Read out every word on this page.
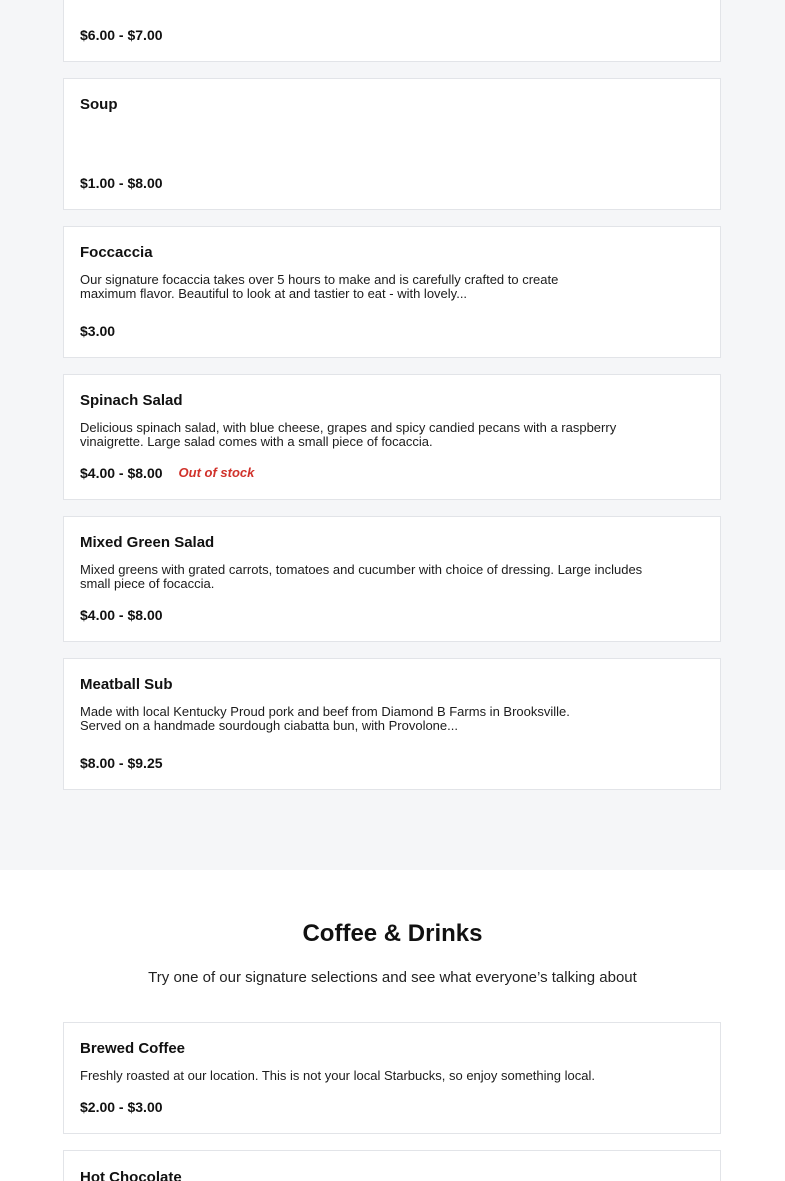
$6.00 - $7.00
Soup
$1.00 - $8.00
Foccaccia
Our signature focaccia takes over 5 hours to make and is carefully crafted to create maximum flavor. Beautiful to look at and tastier to eat - with lovely...
$3.00
Spinach Salad
Delicious spinach salad, with blue cheese, grapes and spicy candied pecans with a raspberry vinaigrette. Large salad comes with a small piece of focaccia.
$4.00 - $8.00 Out of stock
Mixed Green Salad
Mixed greens with grated carrots, tomatoes and cucumber with choice of dressing. Large includes small piece of focaccia.
$4.00 - $8.00
Meatball Sub
Made with local Kentucky Proud pork and beef from Diamond B Farms in Brooksville. Served on a handmade sourdough ciabatta bun, with Provolone...
$8.00 - $9.25
Coffee & Drinks
Try one of our signature selections and see what everyone’s talking about
Brewed Coffee
Freshly roasted at our location. This is not your local Starbucks, so enjoy something local.
$2.00 - $3.00
Hot Chocolate
